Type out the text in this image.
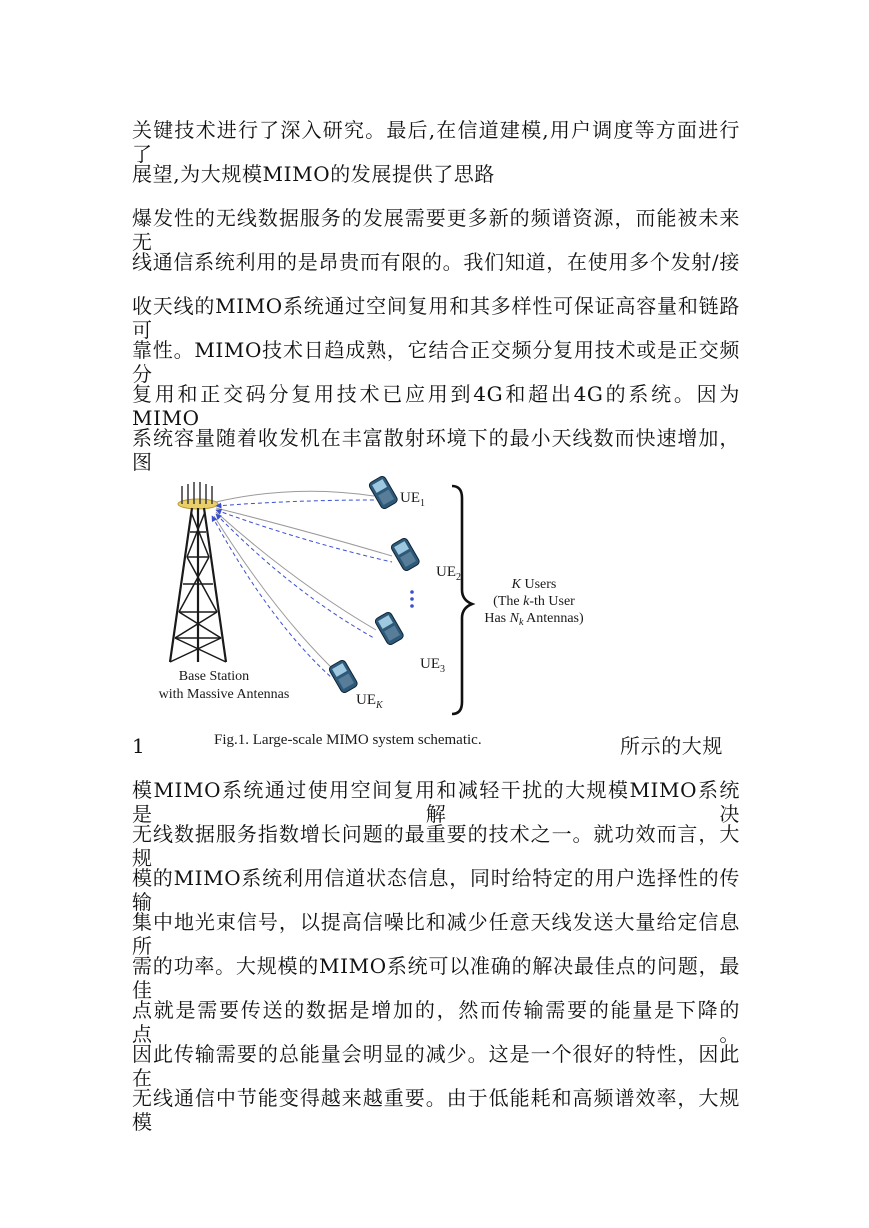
关键技术进行了深入研究。最后,在信道建模,用户调度等方面进行了
展望,为大规模MIMO的发展提供了思路
爆发性的无线数据服务的发展需要更多新的频谱资源，而能被未来无
线通信系统利用的是昂贵而有限的。我们知道，在使用多个发射/接
收天线的MIMO系统通过空间复用和其多样性可保证高容量和链路可
靠性。MIMO技术日趋成熟，它结合正交频分复用技术或是正交频分
复用和正交码分复用技术已应用到4G和超出4G的系统。因为MIMO
系统容量随着收发机在丰富散射环境下的最小天线数而快速增加，图
$UE_1$
$UE_2$
$UE_3$
$UE_K$
Base Station
with Massive Antennas
K Users
(The k-th User
Has $N_k$ Antennas)
Fig.1. Large-scale MIMO system schematic.
1	所示的大规
模MIMO系统通过使用空间复用和减轻干扰的大规模MIMO系统是解决
无线数据服务指数增长问题的最重要的技术之一。就功效而言，大规
模的MIMO系统利用信道状态信息，同时给特定的用户选择性的传输
集中地光束信号，以提高信噪比和减少任意天线发送大量给定信息所
需的功率。大规模的MIMO系统可以准确的解决最佳点的问题，最佳
点就是需要传送的数据是增加的，然而传输需要的能量是下降的点。
因此传输需要的总能量会明显的减少。这是一个很好的特性，因此在
无线通信中节能变得越来越重要。由于低能耗和高频谱效率，大规模
